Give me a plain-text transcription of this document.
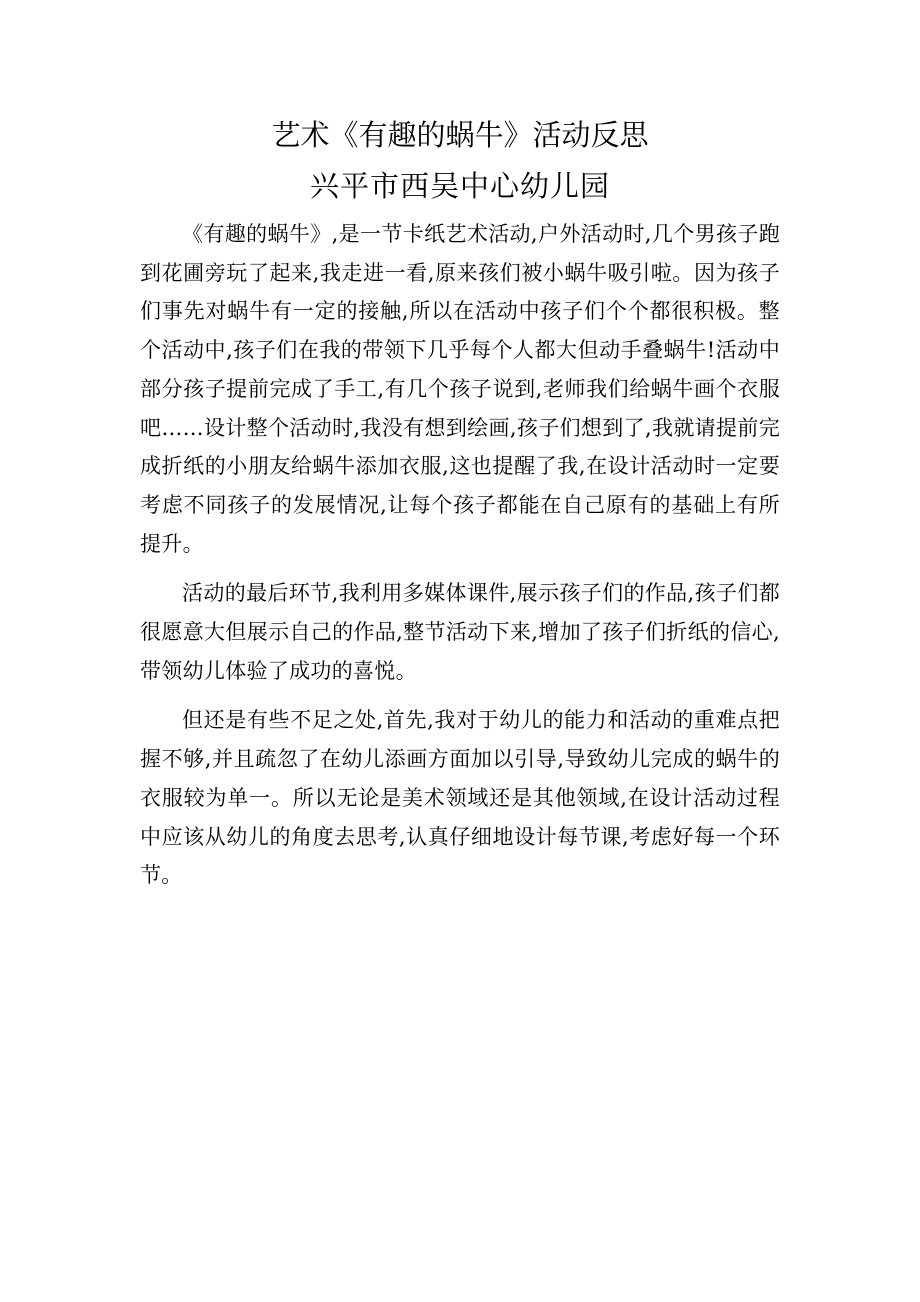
艺术《有趣的蜗牛》活动反思
兴平市西吴中心幼儿园

《有趣的蜗牛》,是一节卡纸艺术活动,户外活动时,几个男孩子跑到花圃旁玩了起来,我走进一看,原来孩们被小蜗牛吸引啦。因为孩子们事先对蜗牛有一定的接触,所以在活动中孩子们个个都很积极。整个活动中,孩子们在我的带领下几乎每个人都大但动手叠蜗牛!活动中部分孩子提前完成了手工,有几个孩子说到,老师我们给蜗牛画个衣服吧……设计整个活动时,我没有想到绘画,孩子们想到了,我就请提前完成折纸的小朋友给蜗牛添加衣服,这也提醒了我,在设计活动时一定要考虑不同孩子的发展情况,让每个孩子都能在自己原有的基础上有所提升。

活动的最后环节,我利用多媒体课件,展示孩子们的作品,孩子们都很愿意大但展示自己的作品,整节活动下来,增加了孩子们折纸的信心,带领幼儿体验了成功的喜悦。

但还是有些不足之处,首先,我对于幼儿的能力和活动的重难点把握不够,并且疏忽了在幼儿添画方面加以引导,导致幼儿完成的蜗牛的衣服较为单一。所以无论是美术领域还是其他领域,在设计活动过程中应该从幼儿的角度去思考,认真仔细地设计每节课,考虑好每一个环节。
